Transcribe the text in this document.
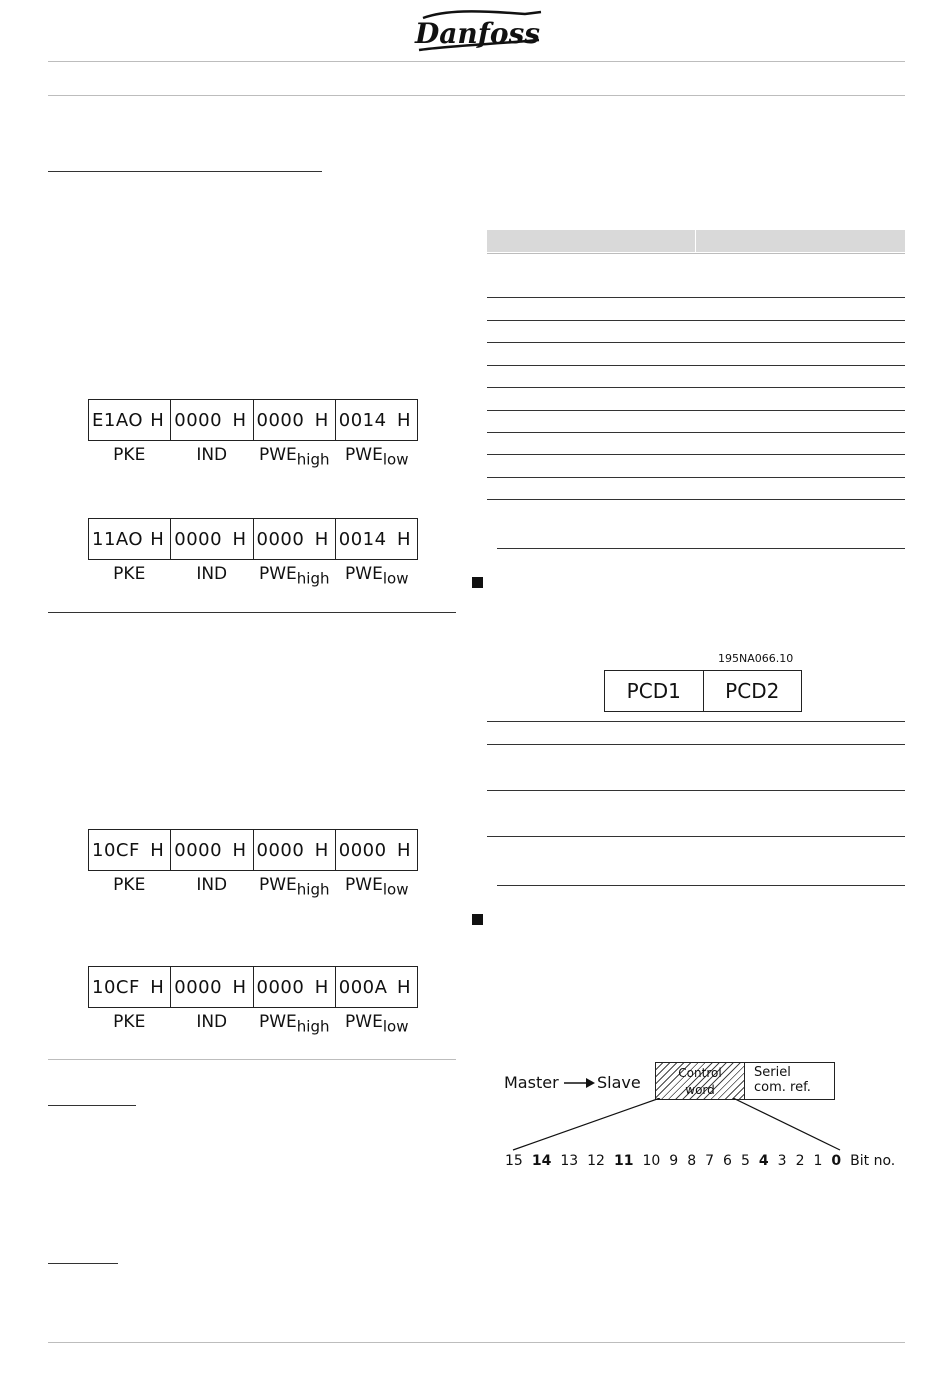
Danfoss
E1AO H 0000 H 0000 H 0014 H
PKE	IND	$PWE_{high}$ $PWE_{low}$
11AO H 0000 H 0000 H 0014 H
PKE	IND	$PWE_{high}$ $PWE_{low}$
10CF H 0000 H 0000 H 0000 H
PKE	IND	$PWE_{high}$ $PWE_{low}$
10CF H 0000 H 0000 H 000A H
PKE	IND	$PWE_{high}$ $PWE_{low}$
195NA066.10
PCD1	PCD2
Master Slave	Control
word
Seriel
com. ref.
15 14 13 12 11 10 9 8 7 6 5 4 3 2 1 0 Bit no.
